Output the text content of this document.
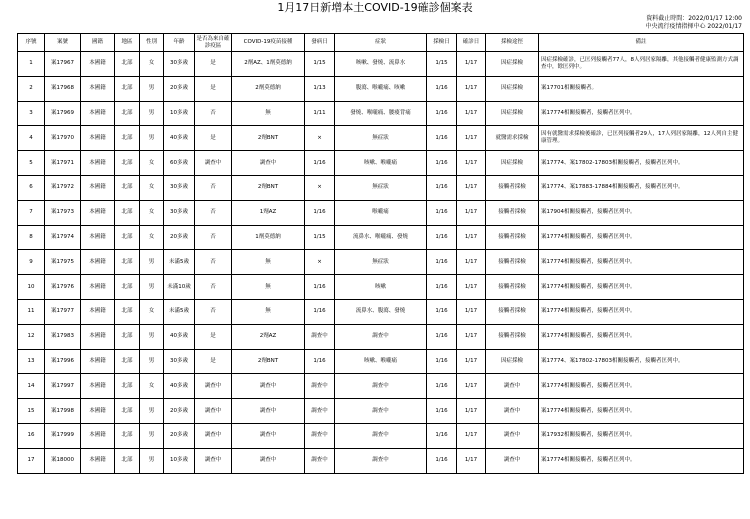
1月17日新增本土COVID-19確診個案表
資料截止時間：2022/01/17 12:00
中央流行疫情指揮中心 2022/01/17
序號	案號	國籍	地區	性別	年齡	是否為來自確診疫區	COVID-19疫苗接種	發病日	症狀	採檢日	確診日	採檢途徑	備註
1	案17967	本國籍	北部	女	30多歲	是	2劑AZ、1劑莫德納	1/15	咳嗽、發燒、流鼻水	1/15	1/17	因症採檢	因症採檢確診，已匡列接觸者77人，8人列居家隔離，其他接觸者健康監測方式調查中，餘匡列中。
2	案17968	本國籍	北部	男	20多歲	是	2劑莫德納	1/13	腹瀉、喉嚨痛、咳嗽	1/16	1/17	因症採檢	案17701相關接觸者。
3	案17969	本國籍	北部	男	10多歲	否	無	1/11	發燒、喉嚨痛、腰痠背痛	1/16	1/17	因症採檢	案17774相關接觸者，接觸者匡列中。
4	案17970	本國籍	北部	男	40多歲	是	2劑BNT	×	無症狀	1/16	1/17	就醫需求採檢	因有就醫需求採檢後確診，已匡列接觸者29人，17人列居家隔離，12人列自主健康管理。
5	案17971	本國籍	北部	女	60多歲	調查中	調查中	1/16	咳嗽、喉嚨痛	1/16	1/17	因症採檢	案17774、案17802-17803相關接觸者，接觸者匡列中。
6	案17972	本國籍	北部	女	30多歲	否	2劑BNT	×	無症狀	1/16	1/17	接觸者採檢	案17774、案17883-17884相關接觸者，接觸者匡列中。
7	案17973	本國籍	北部	女	30多歲	否	1劑AZ	1/16	喉嚨痛	1/16	1/17	接觸者採檢	案17904相關接觸者，接觸者匡列中。
8	案17974	本國籍	北部	女	20多歲	否	1劑莫德納	1/15	流鼻水、喉嚨痛、發燒	1/16	1/17	接觸者採檢	案17774相關接觸者，接觸者匡列中。
9	案17975	本國籍	北部	男	未滿5歲	否	無	×	無症狀	1/16	1/17	接觸者採檢	案17774相關接觸者，接觸者匡列中。
10	案17976	本國籍	北部	男	未滿10歲	否	無	1/16	咳嗽	1/16	1/17	接觸者採檢	案17774相關接觸者，接觸者匡列中。
11	案17977	本國籍	北部	女	未滿5歲	否	無	1/16	流鼻水、腹瀉、發燒	1/16	1/17	接觸者採檢	案17774相關接觸者，接觸者匡列中。
12	案17983	本國籍	北部	男	40多歲	是	2劑AZ	調查中	調查中	1/16	1/17	接觸者採檢	案17774相關接觸者，接觸者匡列中。
13	案17996	本國籍	北部	男	30多歲	是	2劑BNT	1/16	咳嗽、喉嚨痛	1/16	1/17	因症採檢	案17774、案17802-17803相關接觸者，接觸者匡列中。
14	案17997	本國籍	北部	女	40多歲	調查中	調查中	調查中	調查中	1/16	1/17	調查中	案17774相關接觸者，接觸者匡列中。
15	案17998	本國籍	北部	男	20多歲	調查中	調查中	調查中	調查中	1/16	1/17	調查中	案17774相關接觸者，接觸者匡列中。
16	案17999	本國籍	北部	男	20多歲	調查中	調查中	調查中	調查中	1/16	1/17	調查中	案17932相關接觸者，接觸者匡列中。
17	案18000	本國籍	北部	男	10多歲	調查中	調查中	調查中	調查中	1/16	1/17	調查中	案17774相關接觸者，接觸者匡列中。
